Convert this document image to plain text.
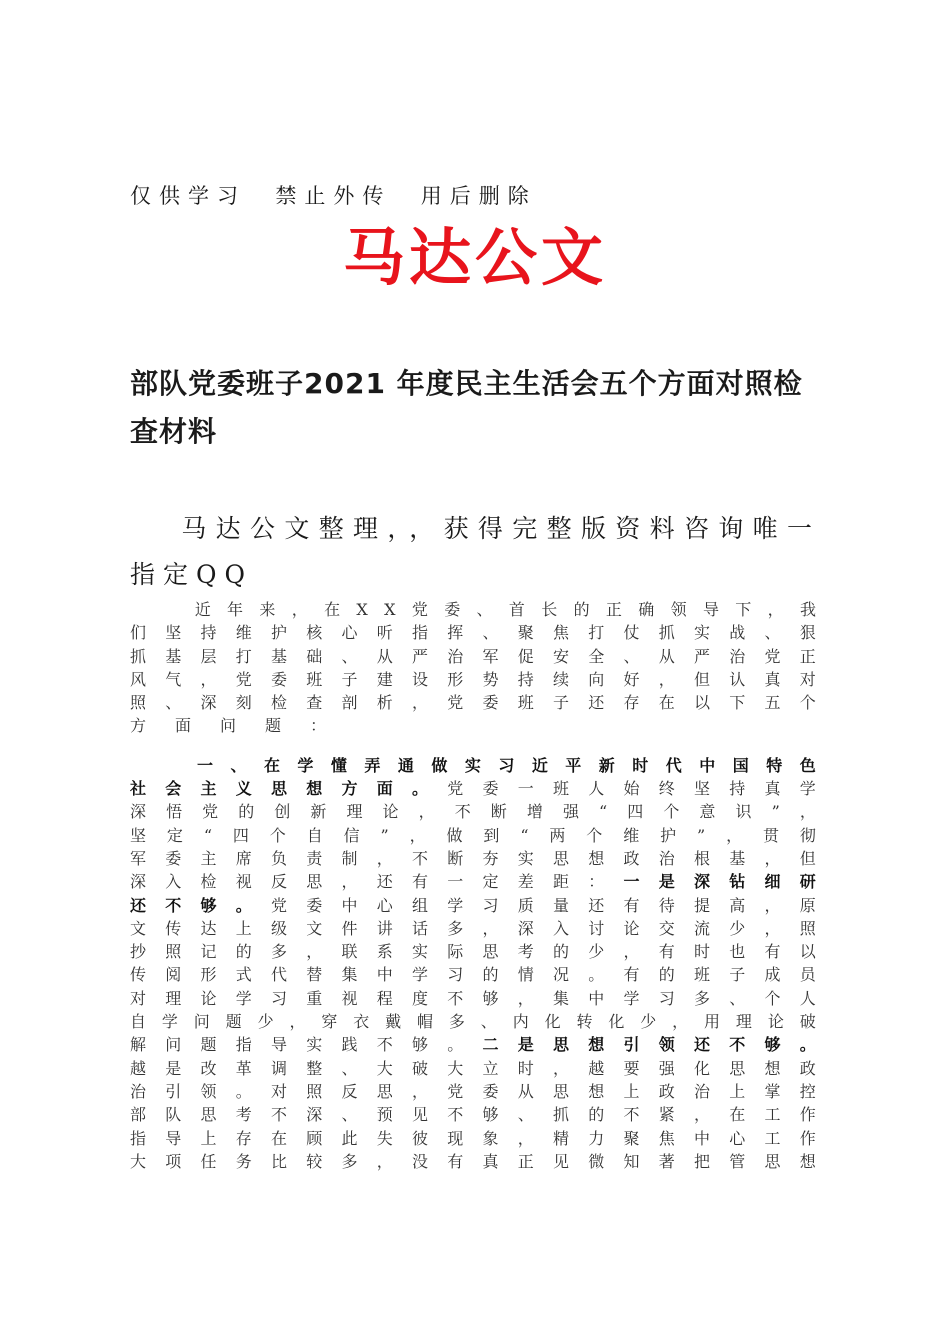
仅供学习  禁止外传  用后删除
马达公文
部队党委班子2021 年度民主生活会五个方面对照检查材料
马达公文整理，，获得完整版资料咨询唯一指定QQ

近 年 来 ， 在 X X 党 委 、 首 长 的 正 确 领 导 下 ， 我
们 坚 持 维 护 核 心 听 指 挥 、 聚 焦 打 仗 抓 实 战 、 狠
抓 基 层 打 基 础 、 从 严 治 军 促 安 全 、 从 严 治 党 正
风 气 ， 党 委 班 子 建 设 形 势 持 续 向 好 ， 但 认 真 对
照 、 深 刻 检 查 剖 析 ， 党 委 班 子 还 存 在 以 下 五 个
方 面 问 题 ：

一 、 在 学 懂 弄 通 做 实 习 近 平 新 时 代 中 国 特 色
社 会 主 义 思 想 方 面 。 党 委 一 班 人 始 终 坚 持 真 学
深 悟 党 的 创 新 理 论 ， 不 断 增 强 “ 四 个 意 识 ” ，
坚 定 “ 四 个 自 信 ” ， 做 到 “ 两 个 维 护 ” ， 贯 彻
军 委 主 席 负 责 制 ， 不 断 夯 实 思 想 政 治 根 基 ， 但
深 入 检 视 反 思 ， 还 有 一 定 差 距 ： 一 是 深 钻 细 研
还 不 够 。 党 委 中 心 组 学 习 质 量 还 有 待 提 高 ， 原
文 传 达 上 级 文 件 讲 话 多 ， 深 入 讨 论 交 流 少 ， 照
抄 照 记 的 多 ， 联 系 实 际 思 考 的 少 ， 有 时 也 有 以
传 阅 形 式 代 替 集 中 学 习 的 情 况 。 有 的 班 子 成 员
对 理 论 学 习 重 视 程 度 不 够 ， 集 中 学 习 多 、 个 人
自 学 问 题 少 ， 穿 衣 戴 帽 多 、 内 化 转 化 少 ， 用 理 论 破
解 问 题 指 导 实 践 不 够 。 二 是 思 想 引 领 还 不 够 。
越 是 改 革 调 整 、 大 破 大 立 时 ， 越 要 强 化 思 想 政
治 引 领 。 对 照 反 思 ， 党 委 从 思 想 上 政 治 上 掌 控
部 队 思 考 不 深 、 预 见 不 够 、 抓 的 不 紧 ， 在 工 作
指 导 上 存 在 顾 此 失 彼 现 象 ， 精 力 聚 焦 中 心 工 作
大 项 任 务 比 较 多 ， 没 有 真 正 见 微 知 著 把 管 思 想
